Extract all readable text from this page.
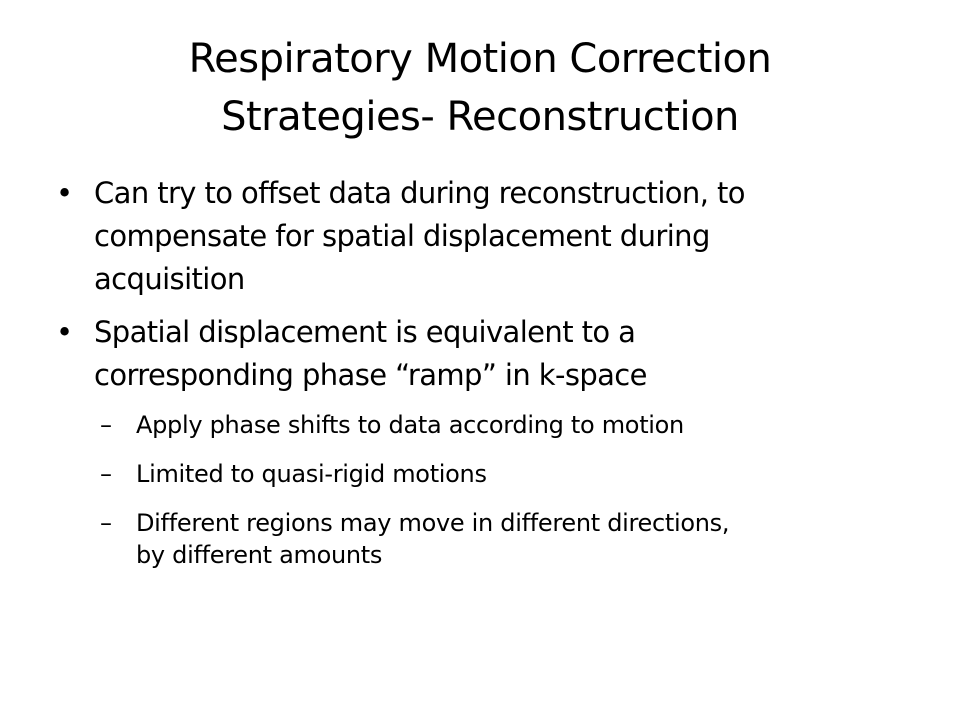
Respiratory Motion Correction
Strategies- Reconstruction
• Can try to offset data during reconstruction, to
compensate for spatial displacement during
acquisition
• Spatial displacement is equivalent to a
corresponding phase “ramp” in k-space
– Apply phase shifts to data according to motion
– Limited to quasi-rigid motions
– Different regions may move in different directions,
by different amounts
